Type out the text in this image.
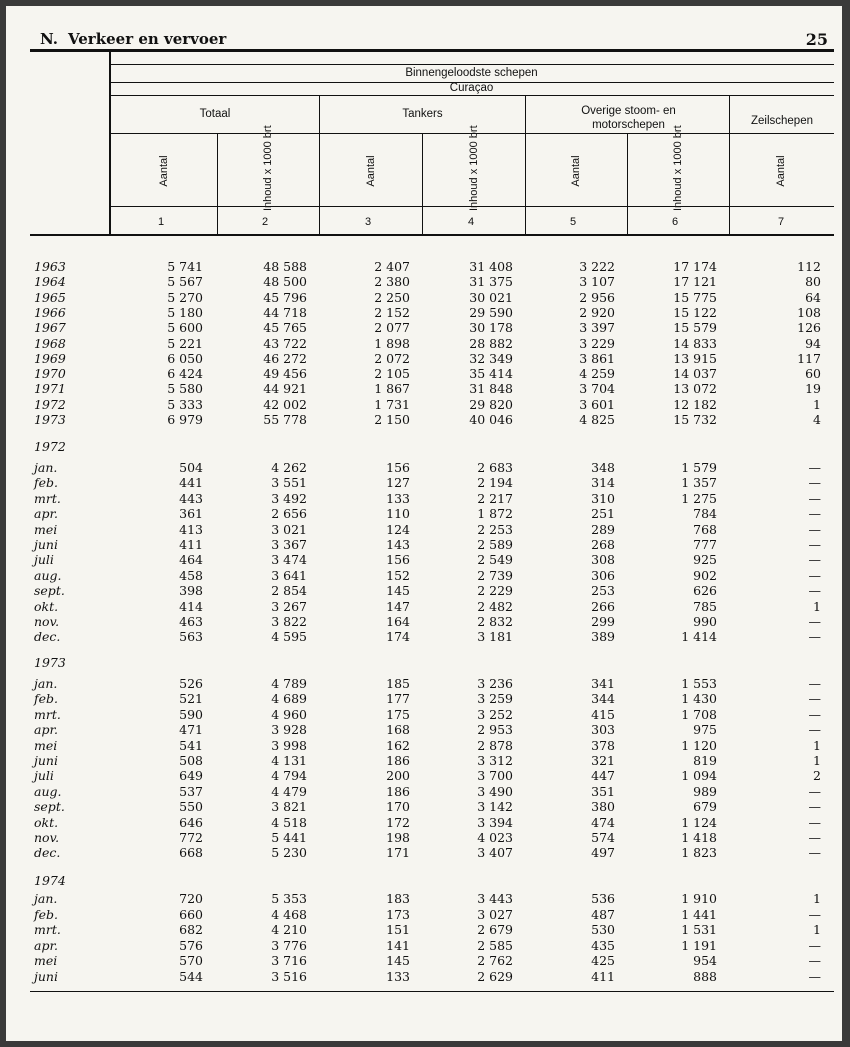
N. Verkeer en vervoer	25
Binnengeloodste schepen
Curaçao
Totaal	Tankers	Overige stoom- en motorschepen	Zeilschepen
Aantal	Inhoud x 1000 brt	Aantal	Inhoud x 1000 brt	Aantal	Inhoud x 1000 brt	Aantal
1	2	3	4	5	6	7
1972
1973
1974
1963	5 741	48 588	2 407	31 408	3 222	17 174	112
1964	5 567	48 500	2 380	31 375	3 107	17 121	80
1965	5 270	45 796	2 250	30 021	2 956	15 775	64
1966	5 180	44 718	2 152	29 590	2 920	15 122	108
1967	5 600	45 765	2 077	30 178	3 397	15 579	126
1968	5 221	43 722	1 898	28 882	3 229	14 833	94
1969	6 050	46 272	2 072	32 349	3 861	13 915	117
1970	6 424	49 456	2 105	35 414	4 259	14 037	60
1971	5 580	44 921	1 867	31 848	3 704	13 072	19
1972	5 333	42 002	1 731	29 820	3 601	12 182	1
1973	6 979	55 778	2 150	40 046	4 825	15 732	4
jan.	504	4 262	156	2 683	348	1 579	—
feb.	441	3 551	127	2 194	314	1 357	—
mrt.	443	3 492	133	2 217	310	1 275	—
apr.	361	2 656	110	1 872	251	784	—
mei	413	3 021	124	2 253	289	768	—
juni	411	3 367	143	2 589	268	777	—
juli	464	3 474	156	2 549	308	925	—
aug.	458	3 641	152	2 739	306	902	—
sept.	398	2 854	145	2 229	253	626	—
okt.	414	3 267	147	2 482	266	785	1
nov.	463	3 822	164	2 832	299	990	—
dec.	563	4 595	174	3 181	389	1 414	—
jan.	526	4 789	185	3 236	341	1 553	—
feb.	521	4 689	177	3 259	344	1 430	—
mrt.	590	4 960	175	3 252	415	1 708	—
apr.	471	3 928	168	2 953	303	975	—
mei	541	3 998	162	2 878	378	1 120	1
juni	508	4 131	186	3 312	321	819	1
juli	649	4 794	200	3 700	447	1 094	2
aug.	537	4 479	186	3 490	351	989	—
sept.	550	3 821	170	3 142	380	679	—
okt.	646	4 518	172	3 394	474	1 124	—
nov.	772	5 441	198	4 023	574	1 418	—
dec.	668	5 230	171	3 407	497	1 823	—
jan.	720	5 353	183	3 443	536	1 910	1
feb.	660	4 468	173	3 027	487	1 441	—
mrt.	682	4 210	151	2 679	530	1 531	1
apr.	576	3 776	141	2 585	435	1 191	—
mei	570	3 716	145	2 762	425	954	—
juni	544	3 516	133	2 629	411	888	—
